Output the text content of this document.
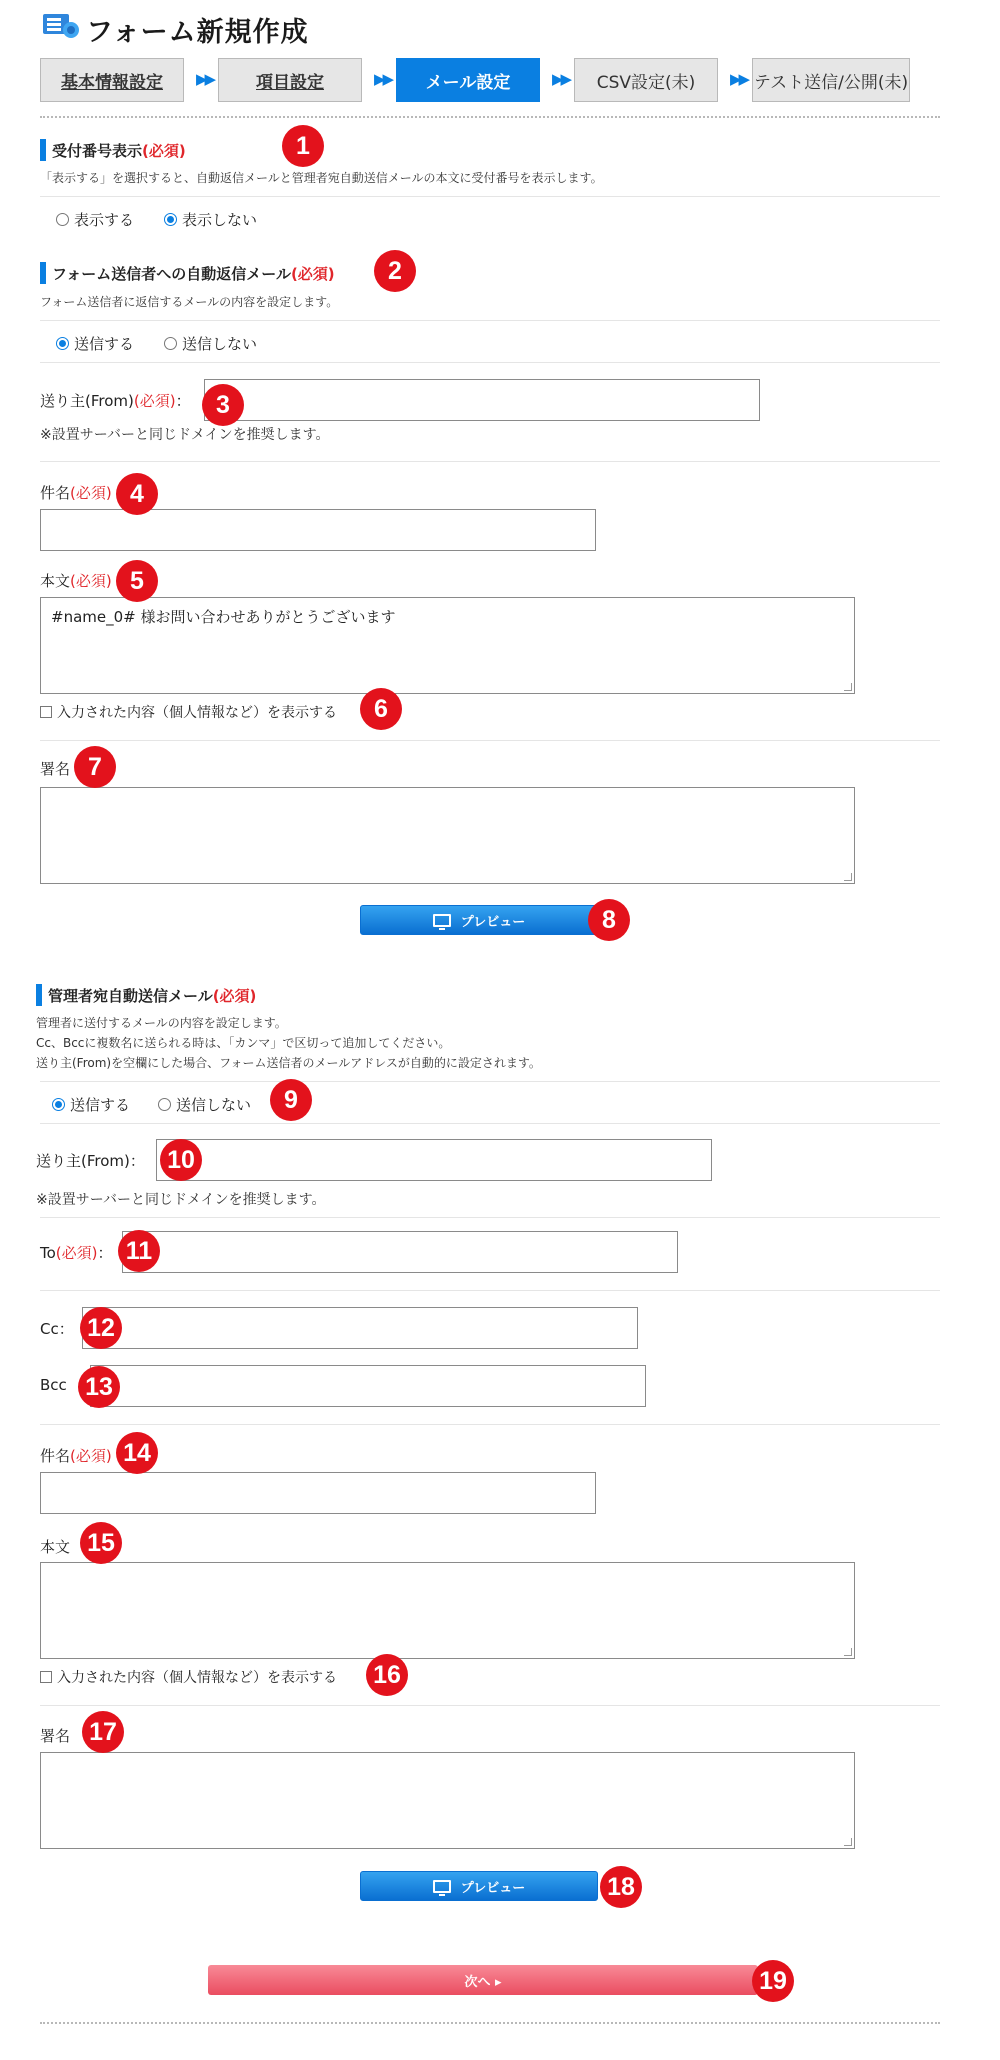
フォーム新規作成
基本情報設定 ▶▶	項目設定	▶▶ メール設定	▶▶ CSV設定(未) ▶▶ テスト送信/公開(未)
受付番号表示(必須)
「表示する」を選択すると、自動返信メールと管理者宛自動送信メールの本文に受付番号を表示します。
表示する	表示しない
フォーム送信者への自動返信メール(必須)
フォーム送信者に返信するメールの内容を設定します。
送信する	送信しない
送り主(From)(必須)：
※設置サーバーと同じドメインを推奨します。
件名(必須)
本文(必須)
#name_0# 様お問い合わせありがとうございます
入力された内容（個人情報など）を表示する
署名
プレビュー
管理者宛自動送信メール(必須)
管理者に送付するメールの内容を設定します。
Cc、Bccに複数名に送られる時は、「カンマ」で区切って追加してください。
送り主(From)を空欄にした場合、フォーム送信者のメールアドレスが自動的に設定されます。
送信する	送信しない
送り主(From)：
※設置サーバーと同じドメインを推奨します。
To(必須)：
Cc：
Bcc
件名(必須)
本文
入力された内容（個人情報など）を表示する
署名
プレビュー
次へ ▸
1
2
3
4
5
6
7
8
9
10
11
12
13
14
15
16
17
18
19
